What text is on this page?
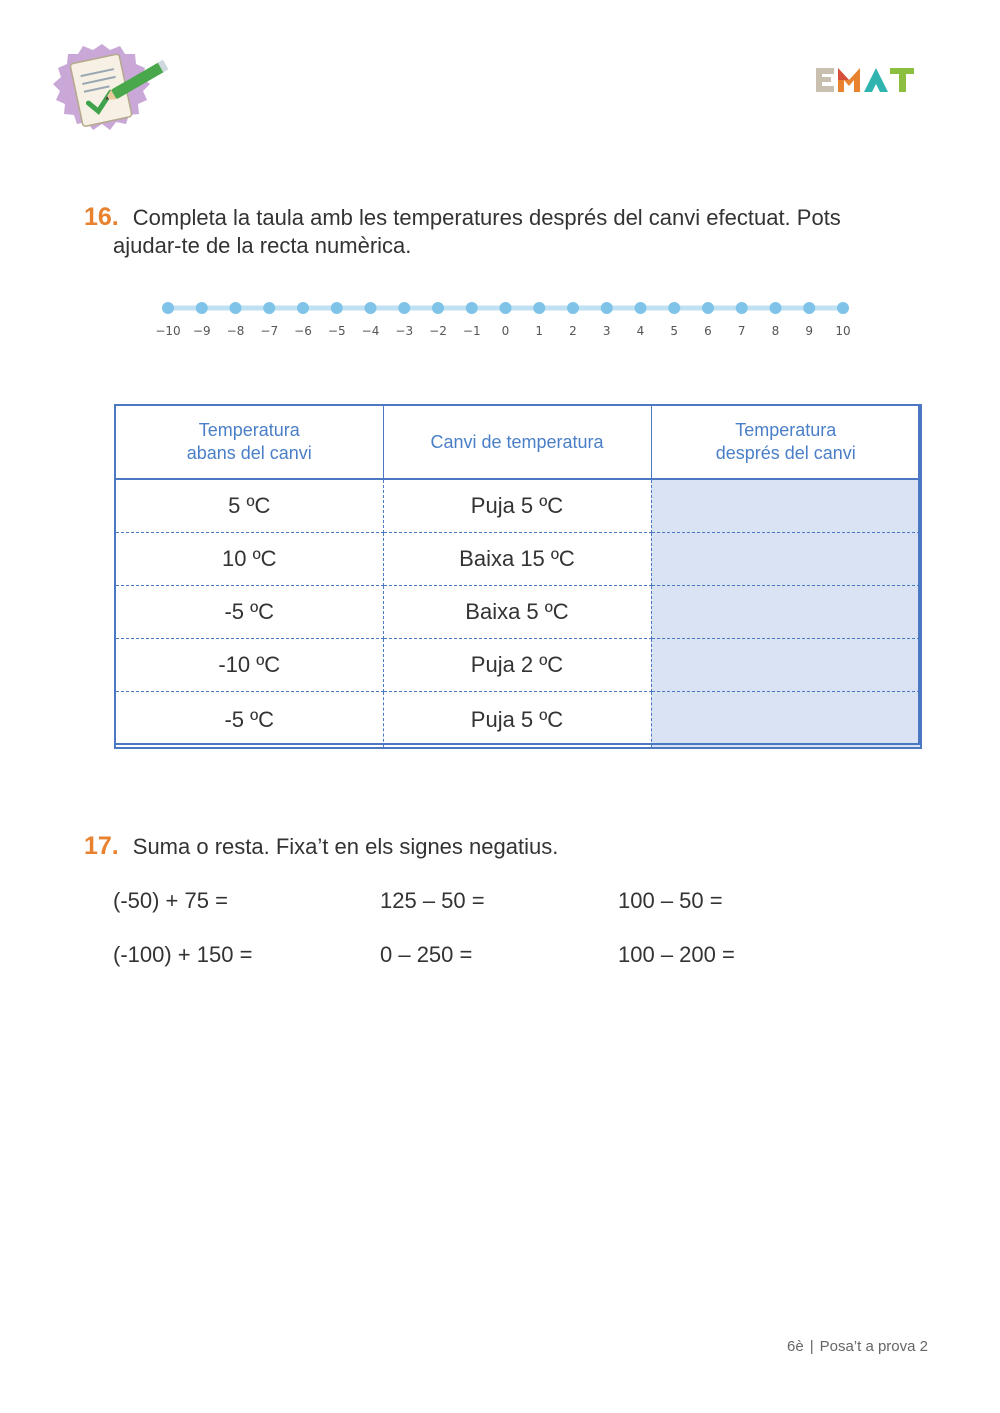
16. Completa la taula amb les temperatures després del canvi efectuat. Pots
ajudar-te de la recta numèrica.
−10 −9 −8 −7 −6 −5 −4 −3 −2 −1 0 1 2 3 4 5 6 7 8 9 10
Temperatura
abans del canvi	Canvi de temperatura	Temperatura
després del canvi
5 ºC	Puja 5 ºC	
10 ºC	Baixa 15 ºC	
-5 ºC	Baixa 5 ºC	
-10 ºC	Puja 2 ºC	
-5 ºC	Puja 5 ºC	
17. Suma o resta. Fixa’t en els signes negatius.
(-50) + 75 =	125 – 50 =	100 – 50 =
(-100) + 150 =	0 – 250 =	100 – 200 =
6è | Posa’t a prova 2
